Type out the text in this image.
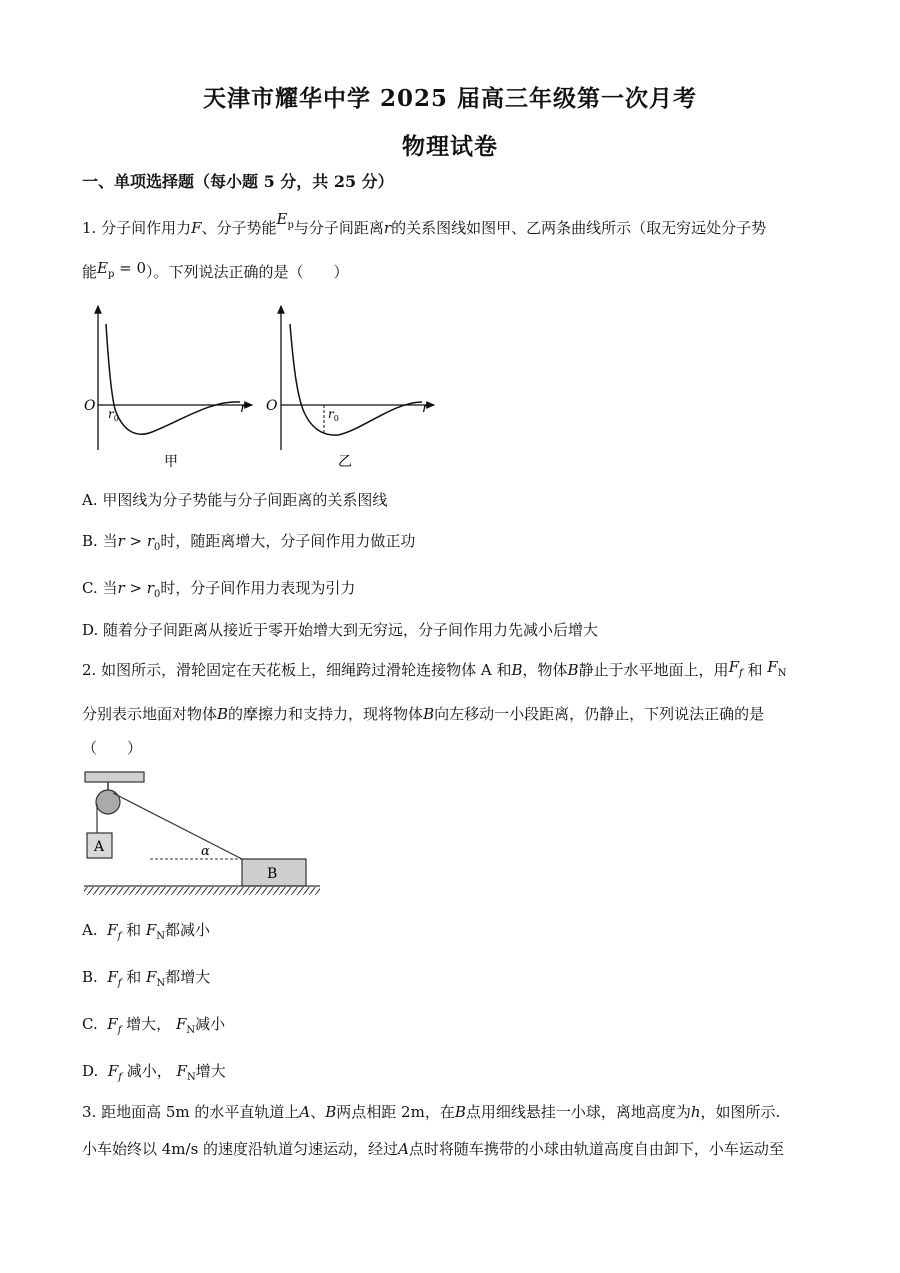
天津市耀华中学 2025 届高三年级第一次月考
物理试卷
一、单项选择题（每小题 5 分，共 25 分）
1. 分子间作用力F、分子势能$E_p$与分子间距离r的关系图线如图甲、乙两条曲线所示（取无穷远处分子势
能$E_p = 0$）。下列说法正确的是（　　）
O	r
$r_0$
甲
O	r
$r_0$
乙
A. 甲图线为分子势能与分子间距离的关系图线
B. 当$r > r_0$时，随距离增大，分子间作用力做正功
C. 当$r > r_0$时，分子间作用力表现为引力
D. 随着分子间距离从接近于零开始增大到无穷远，分子间作用力先减小后增大
2. 如图所示，滑轮固定在天花板上，细绳跨过滑轮连接物体 A 和B，物体B静止于水平地面上，用$F_f$ 和 $F_N$
分别表示地面对物体B的摩擦力和支持力，现将物体B向左移动一小段距离，仍静止，下列说法正确的是
（　　）
A	α
B
A. $F_f$ 和 $F_N$都减小
B. $F_f$ 和 $F_N$都增大
C. $F_f$ 增大， $F_N$减小
D. $F_f$ 减小， $F_N$增大
3. 距地面高 5m 的水平直轨道上A、B两点相距 2m，在B点用细线悬挂一小球，离地高度为h，如图所示.
小车始终以 4m/s 的速度沿轨道匀速运动，经过A点时将随车携带的小球由轨道高度自由卸下，小车运动至
